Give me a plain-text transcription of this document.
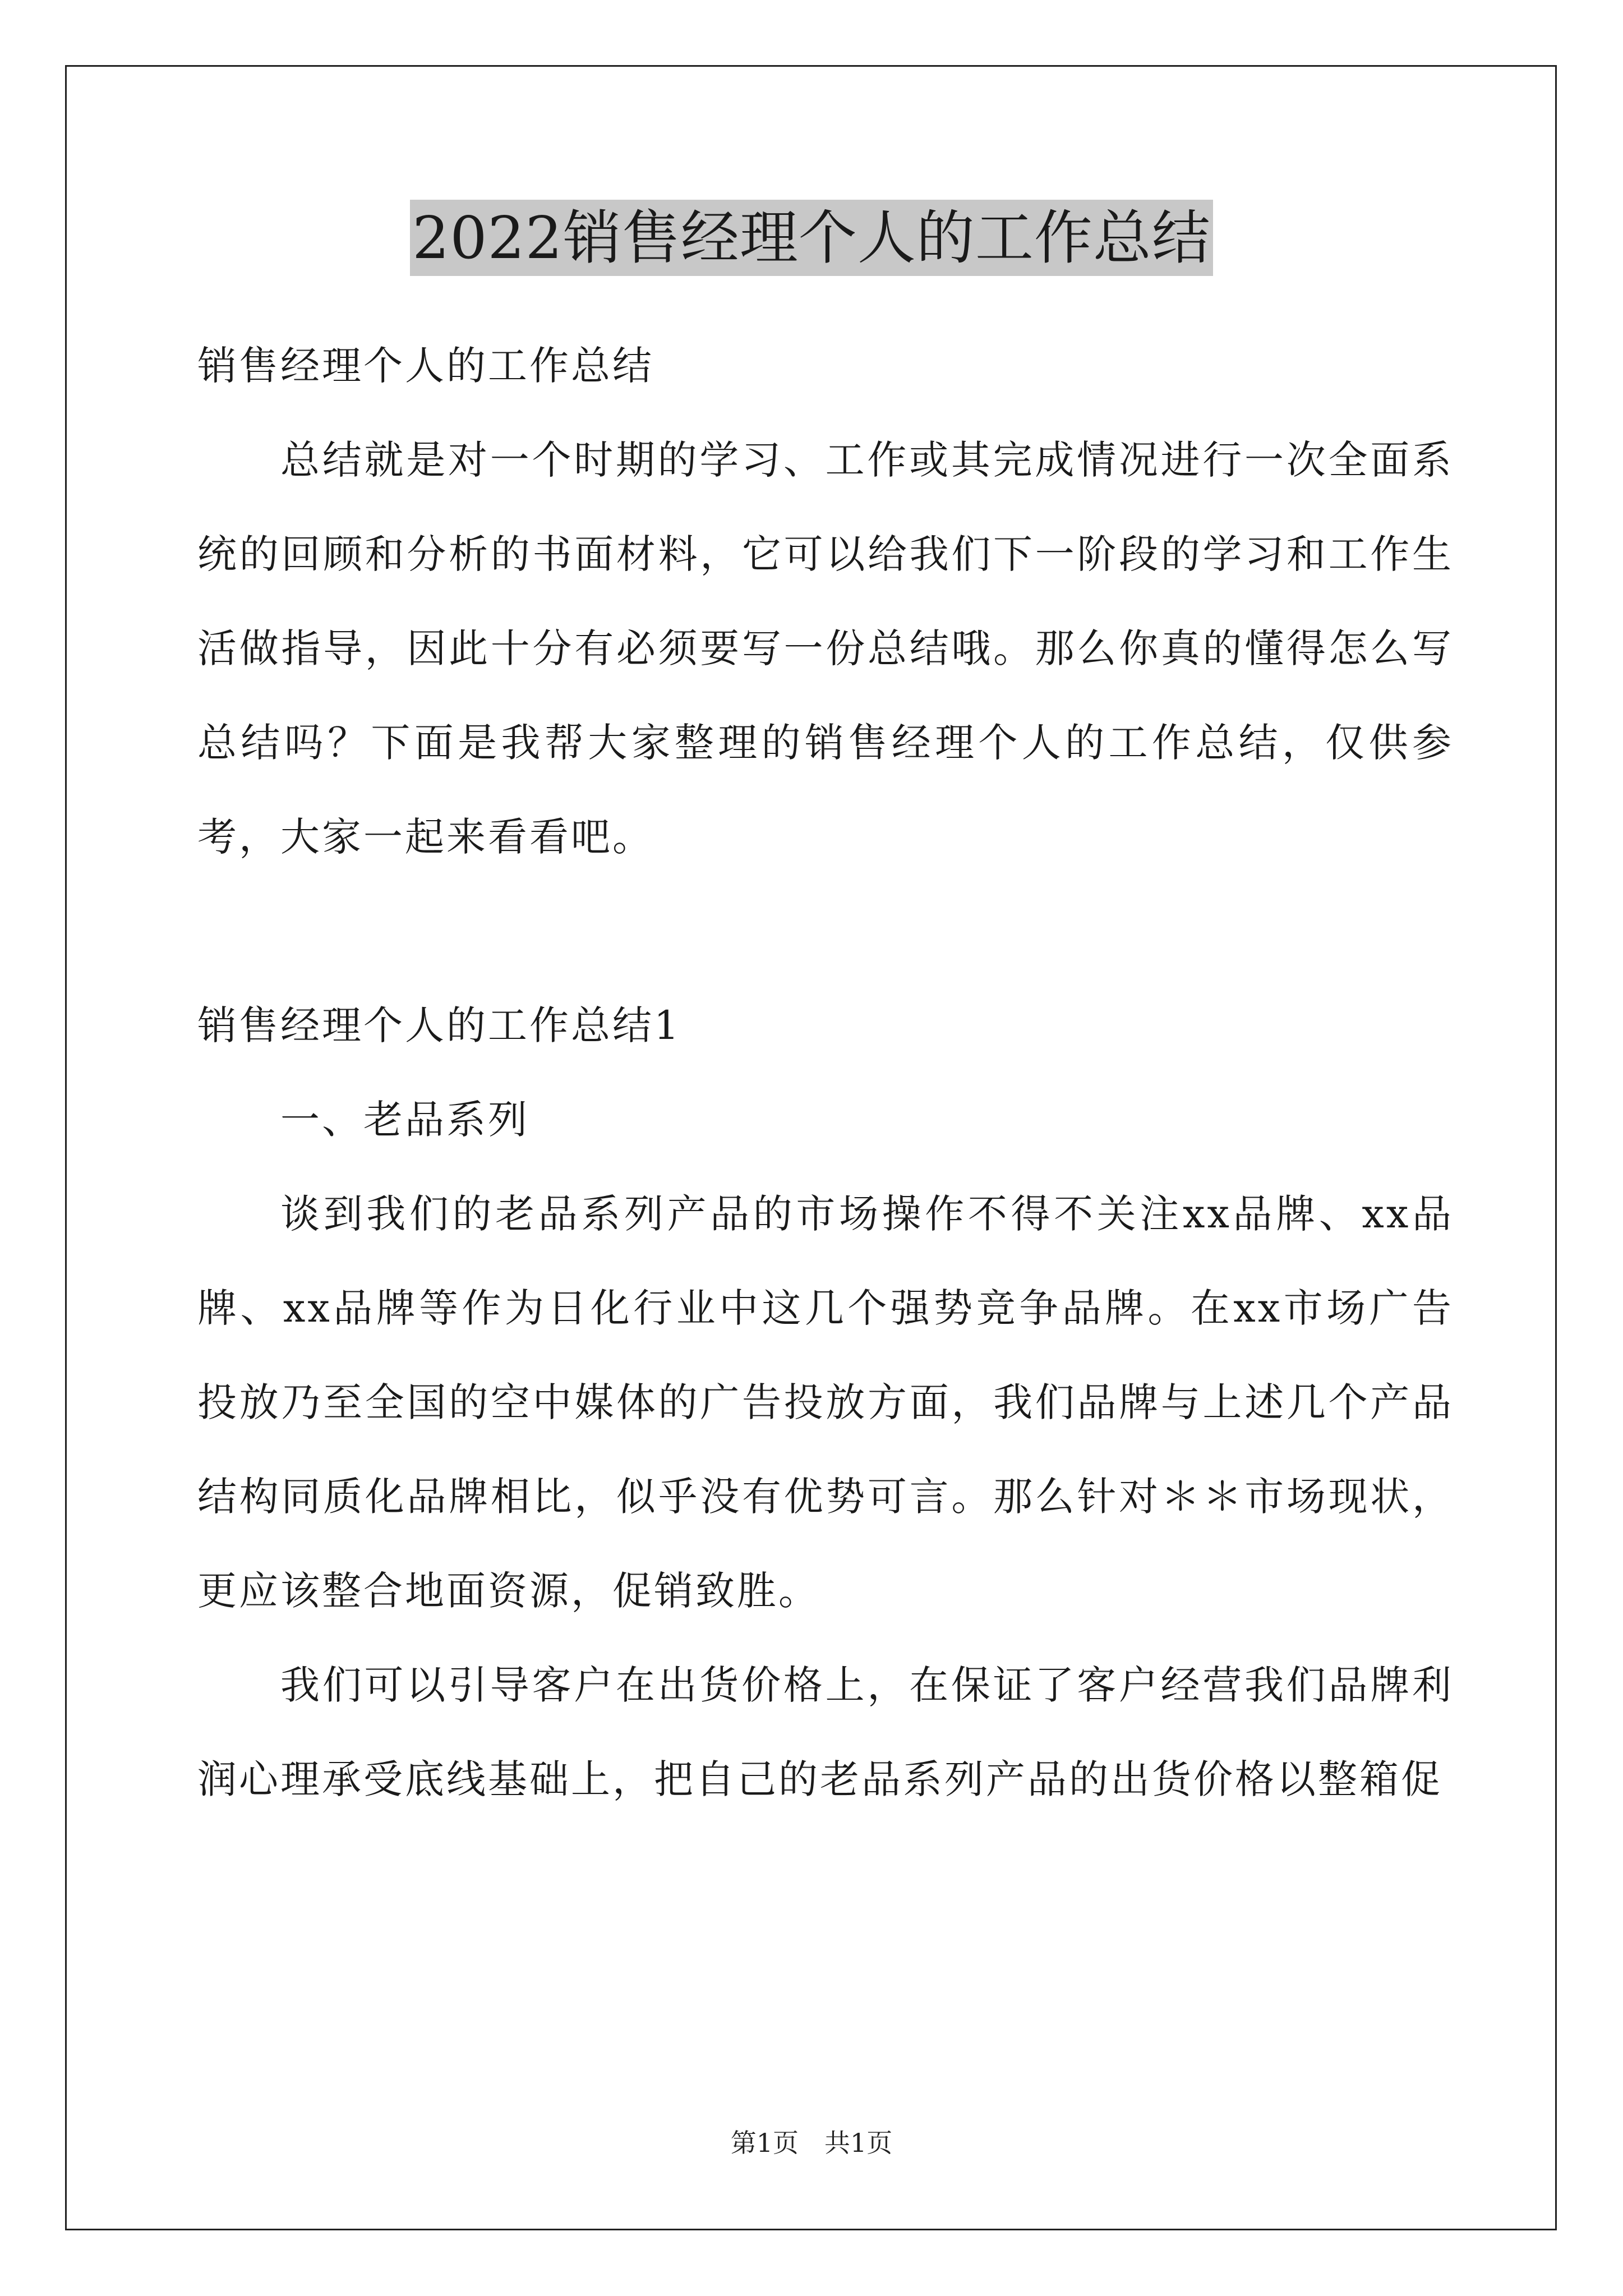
2022销售经理个人的工作总结

销售经理个人的工作总结

总结就是对一个时期的学习、工作或其完成情况进行一次全面系统的回顾和分析的书面材料，它可以给我们下一阶段的学习和工作生活做指导，因此十分有必须要写一份总结哦。那么你真的懂得怎么写总结吗？下面是我帮大家整理的销售经理个人的工作总结，仅供参考，大家一起来看看吧。

销售经理个人的工作总结1

一、老品系列

谈到我们的老品系列产品的市场操作不得不关注xx品牌、xx品牌、xx品牌等作为日化行业中这几个强势竞争品牌。在xx市场广告投放乃至全国的空中媒体的广告投放方面，我们品牌与上述几个产品结构同质化品牌相比，似乎没有优势可言。那么针对＊＊市场现状，更应该整合地面资源，促销致胜。

我们可以引导客户在出货价格上，在保证了客户经营我们品牌利润心理承受底线基础上，把自己的老品系列产品的出货价格以整箱促

第1页　共1页
